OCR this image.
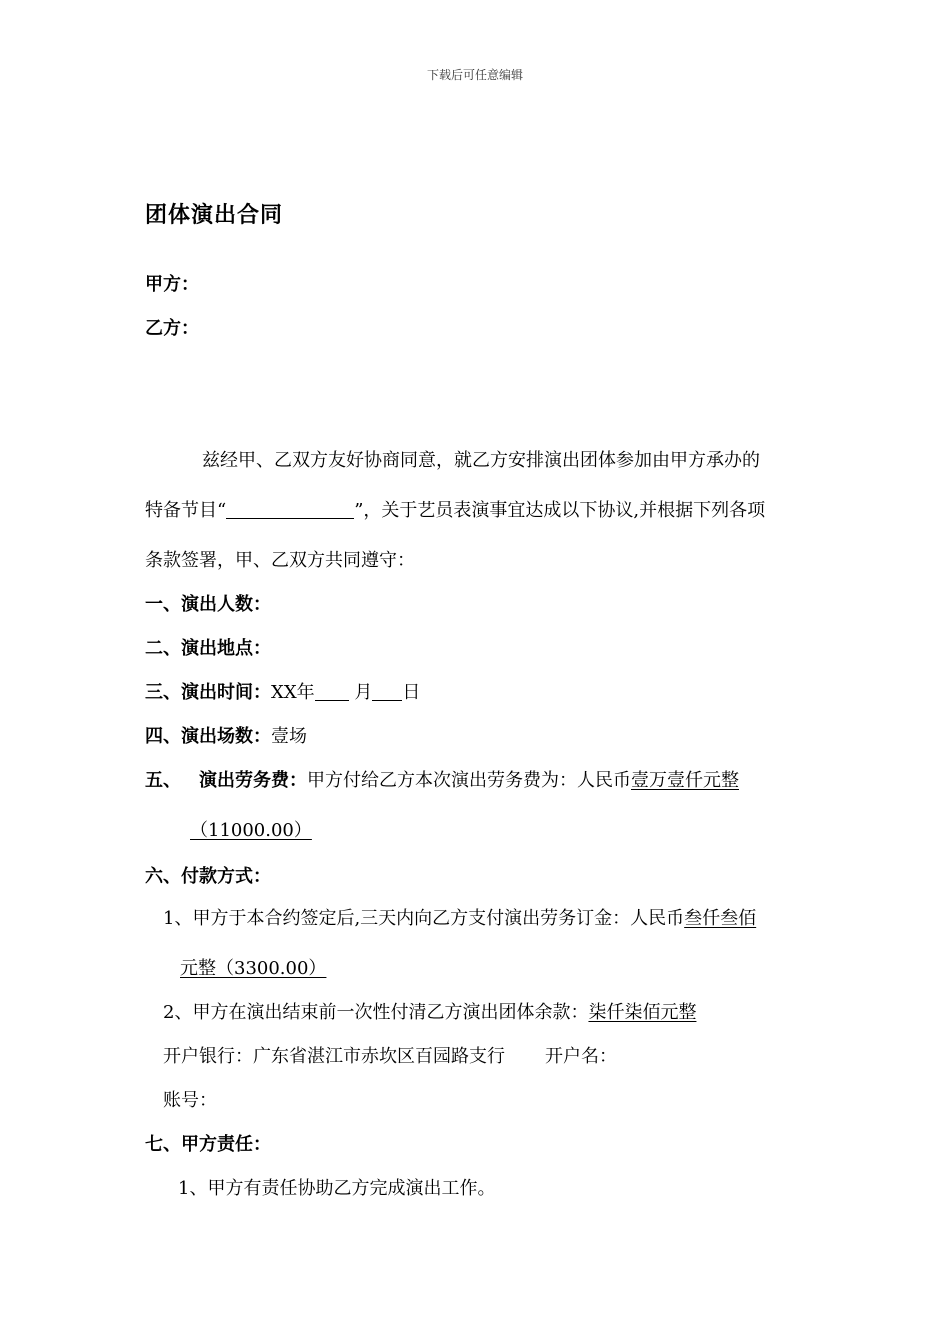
下载后可任意编辑
团体演出合同
甲方：
乙方：
兹经甲、乙双方友好协商同意，就乙方安排演出团体参加由甲方承办的
特备节目“	”，关于艺员表演事宜达成以下协议,并根据下列各项
条款签署，甲、乙双方共同遵守：
一、演出人数：
二、演出地点：
三、演出时间：XX年 月 日
四、演出场数：壹场
五、 演出劳务费：甲方付给乙方本次演出劳务费为：人民币壹万壹仟元整
（11000.00）
六、付款方式：
1、甲方于本合约签定后,三天内向乙方支付演出劳务订金：人民币叁仟叁佰
元整（3300.00）
2、甲方在演出结束前一次性付清乙方演出团体余款：柒仟柒佰元整
开户银行：广东省湛江市赤坎区百园路支行 开户名：
账号：
七、甲方责任：
1、甲方有责任协助乙方完成演出工作。
